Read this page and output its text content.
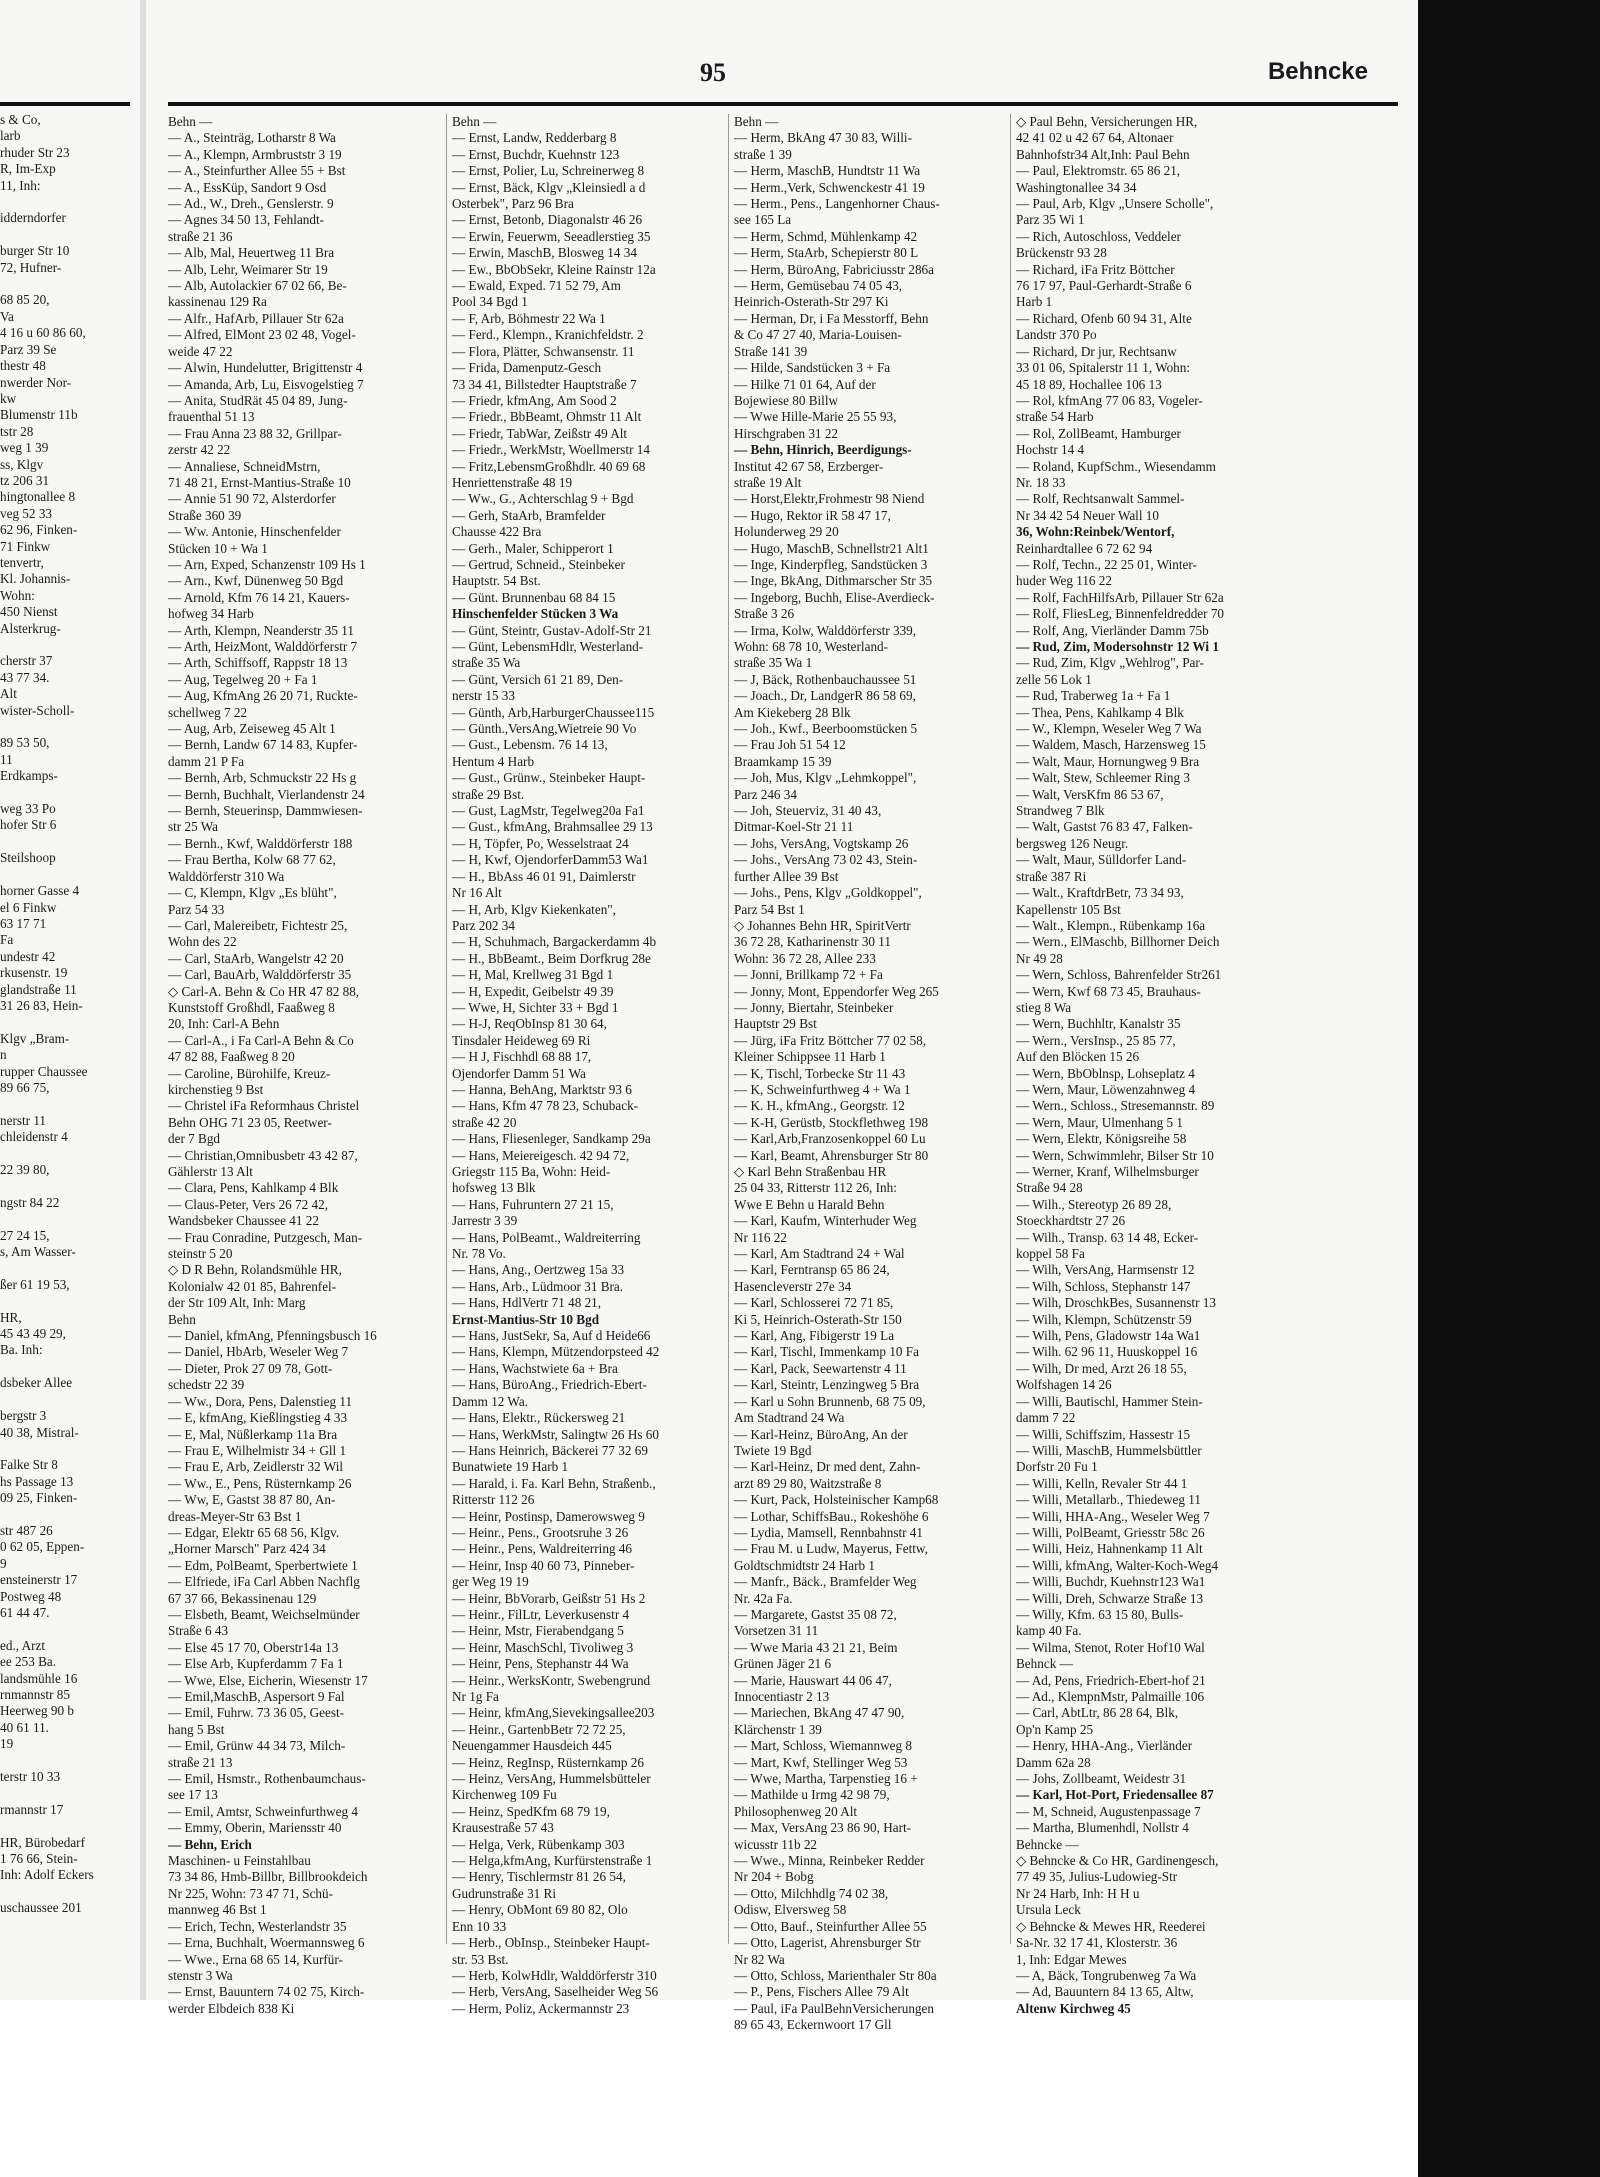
s & Co,
larb
rhuder Str 23
R, Im-Exp
11, Inh:

idderndorfer

burger Str 10
72, Hufner-

68 85 20,
Va
4 16 u 60 86 60,
Parz 39 Se
thestr 48
nwerder Nor-
kw
Blumenstr 11b
tstr 28
weg 1 39
ss, Klgv
tz 206 31
hingtonallee 8
veg 52 33
62 96, Finken-
71 Finkw
tenvertr,
Kl. Johannis-
Wohn:
450 Nienst
Alsterkrug-

cherstr 37
43 77 34.
Alt
wister-Scholl-

89 53 50,
11
Erdkamps-

weg 33 Po
hofer Str 6

Steilshoop

horner Gasse 4
el 6 Finkw
63 17 71
Fa
undestr 42
rkusenstr. 19
glandstraße 11
31 26 83, Hein-

Klgv „Bram-
n
rupper Chaussee
89 66 75,

nerstr 11
chleidenstr 4

22 39 80,

ngstr 84 22

27 24 15,
s, Am Wasser-

ßer 61 19 53,

HR,
45 43 49 29,
Ba. Inh:

dsbeker Allee

bergstr 3
40 38, Mistral-

Falke Str 8
hs Passage 13
09 25, Finken-

str 487 26
0 62 05, Eppen-
9
ensteinerstr 17
Postweg 48
61 44 47.

ed., Arzt
ee 253 Ba.
landsmühle 16
rnmannstr 85
Heerweg 90 b
40 61 11.
19

terstr 10 33

rmannstr 17

HR, Bürobedarf
1 76 66, Stein-
Inh: Adolf Eckers

uschaussee 201
95	Behncke
Behn —
— A., Steinträg, Lotharstr 8 Wa
— A., Klempn, Armbruststr 3 19
— A., Steinfurther Allee 55 + Bst
— A., EssKüp, Sandort 9 Osd
— Ad., W., Dreh., Genslerstr. 9
— Agnes 34 50 13, Fehlandt-
straße 21 36
— Alb, Mal, Heuertweg 11 Bra
— Alb, Lehr, Weimarer Str 19
— Alb, Autolackier 67 02 66, Be-
kassinenau 129 Ra
— Alfr., HafArb, Pillauer Str 62a
— Alfred, ElMont 23 02 48, Vogel-
weide 47 22
— Alwin, Hundelutter, Brigittenstr 4
— Amanda, Arb, Lu, Eisvogelstieg 7
— Anita, StudRät 45 04 89, Jung-
frauenthal 51 13
— Frau Anna 23 88 32, Grillpar-
zerstr 42 22
— Annaliese, SchneidMstrn,
71 48 21, Ernst-Mantius-Straße 10
— Annie 51 90 72, Alsterdorfer
Straße 360 39
— Ww. Antonie, Hinschenfelder
Stücken 10 + Wa 1
— Arn, Exped, Schanzenstr 109 Hs 1
— Arn., Kwf, Dünenweg 50 Bgd
— Arnold, Kfm 76 14 21, Kauers-
hofweg 34 Harb
— Arth, Klempn, Neanderstr 35 11
— Arth, HeizMont, Walddörferstr 7
— Arth, Schiffsoff, Rappstr 18 13
— Aug, Tegelweg 20 + Fa 1
— Aug, KfmAng 26 20 71, Ruckte-
schellweg 7 22
— Aug, Arb, Zeiseweg 45 Alt 1
— Bernh, Landw 67 14 83, Kupfer-
damm 21 P Fa
— Bernh, Arb, Schmuckstr 22 Hs g
— Bernh, Buchhalt, Vierlandenstr 24
— Bernh, Steuerinsp, Dammwiesen-
str 25 Wa
— Bernh., Kwf, Walddörferstr 188
— Frau Bertha, Kolw 68 77 62,
Walddörferstr 310 Wa
— C, Klempn, Klgv „Es blüht",
Parz 54 33
— Carl, Malereibetr, Fichtestr 25,
Wohn des 22
— Carl, StaArb, Wangelstr 42 20
— Carl, BauArb, Walddörferstr 35
◇ Carl-A. Behn & Co HR 47 82 88,
Kunststoff Großhdl, Faaßweg 8
20, Inh: Carl-A Behn
— Carl-A., i Fa Carl-A Behn & Co
47 82 88, Faaßweg 8 20
— Caroline, Bürohilfe, Kreuz-
kirchenstieg 9 Bst
— Christel iFa Reformhaus Christel
Behn OHG 71 23 05, Reetwer-
der 7 Bgd
— Christian,Omnibusbetr 43 42 87,
Gählerstr 13 Alt
— Clara, Pens, Kahlkamp 4 Blk
— Claus-Peter, Vers 26 72 42,
Wandsbeker Chaussee 41 22
— Frau Conradine, Putzgesch, Man-
steinstr 5 20
◇ D R Behn, Rolandsmühle HR,
Kolonialw 42 01 85, Bahrenfel-
der Str 109 Alt, Inh: Marg
Behn
— Daniel, kfmAng, Pfenningsbusch 16
— Daniel, HbArb, Weseler Weg 7
— Dieter, Prok 27 09 78, Gott-
schedstr 22 39
— Ww., Dora, Pens, Dalenstieg 11
— E, kfmAng, Kießlingstieg 4 33
— E, Mal, Nüßlerkamp 11a Bra
— Frau E, Wilhelmistr 34 + Gll 1
— Frau E, Arb, Zeidlerstr 32 Wil
— Ww., E., Pens, Rüsternkamp 26
— Ww, E, Gastst 38 87 80, An-
dreas-Meyer-Str 63 Bst 1
— Edgar, Elektr 65 68 56, Klgv.
„Horner Marsch" Parz 424 34
— Edm, PolBeamt, Sperbertwiete 1
— Elfriede, iFa Carl Abben Nachflg
67 37 66, Bekassinenau 129
— Elsbeth, Beamt, Weichselmünder
Straße 6 43
— Else 45 17 70, Oberstr14a 13
— Else Arb, Kupferdamm 7 Fa 1
— Wwe, Else, Eicherin, Wiesenstr 17
— Emil,MaschB, Aspersort 9 Fal
— Emil, Fuhrw. 73 36 05, Geest-
hang 5 Bst
— Emil, Grünw 44 34 73, Milch-
straße 21 13
— Emil, Hsmstr., Rothenbaumchaus-
see 17 13
— Emil, Amtsr, Schweinfurthweg 4
— Emmy, Oberin, Mariensstr 40
— Behn, Erich
Maschinen- u Feinstahlbau
73 34 86, Hmb-Billbr, Billbrookdeich
Nr 225, Wohn: 73 47 71, Schü-
mannweg 46 Bst 1
— Erich, Techn, Westerlandstr 35
— Erna, Buchhalt, Woermannsweg 6
— Wwe., Erna 68 65 14, Kurfür-
stenstr 3 Wa
— Ernst, Bauuntern 74 02 75, Kirch-
werder Elbdeich 838 Ki
Behn —
— Ernst, Landw, Redderbarg 8
— Ernst, Buchdr, Kuehnstr 123
— Ernst, Polier, Lu, Schreinerweg 8
— Ernst, Bäck, Klgv „Kleinsiedl a d
Osterbek", Parz 96 Bra
— Ernst, Betonb, Diagonalstr 46 26
— Erwin, Feuerwm, Seeadlerstieg 35
— Erwin, MaschB, Blosweg 14 34
— Ew., BbObSekr, Kleine Rainstr 12a
— Ewald, Exped. 71 52 79, Am
Pool 34 Bgd 1
— F, Arb, Böhmestr 22 Wa 1
— Ferd., Klempn., Kranichfeldstr. 2
— Flora, Plätter, Schwansenstr. 11
— Frida, Damenputz-Gesch
73 34 41, Billstedter Hauptstraße 7
— Friedr, kfmAng, Am Sood 2
— Friedr., BbBeamt, Ohmstr 11 Alt
— Friedr, TabWar, Zeißstr 49 Alt
— Friedr., WerkMstr, Woellmerstr 14
— Fritz,LebensmGroßhdlr. 40 69 68
Henriettenstraße 48 19
— Ww., G., Achterschlag 9 + Bgd
— Gerh, StaArb, Bramfelder
Chausse 422 Bra
— Gerh., Maler, Schipperort 1
— Gertrud, Schneid., Steinbeker
Hauptstr. 54 Bst.
— Günt. Brunnenbau 68 84 15
Hinschenfelder Stücken 3 Wa
— Günt, Steintr, Gustav-Adolf-Str 21
— Günt, LebensmHdlr, Westerland-
straße 35 Wa
— Günt, Versich 61 21 89, Den-
nerstr 15 33
— Günth, Arb,HarburgerChaussee115
— Günth.,VersAng,Wietreie 90 Vo
— Gust., Lebensm. 76 14 13,
Hentum 4 Harb
— Gust., Grünw., Steinbeker Haupt-
straße 29 Bst.
— Gust, LagMstr, Tegelweg20a Fa1
— Gust., kfmAng, Brahmsallee 29 13
— H, Töpfer, Po, Wesselstraat 24
— H, Kwf, OjendorferDamm53 Wa1
— H., BbAss 46 01 91, Daimlerstr
Nr 16 Alt
— H, Arb, Klgv Kiekenkaten",
Parz 202 34
— H, Schuhmach, Bargackerdamm 4b
— H., BbBeamt., Beim Dorfkrug 28e
— H, Mal, Krellweg 31 Bgd 1
— H, Expedit, Geibelstr 49 39
— Wwe, H, Sichter 33 + Bgd 1
— H-J, ReqObInsp 81 30 64,
Tinsdaler Heideweg 69 Ri
— H J, Fischhdl 68 88 17,
Ojendorfer Damm 51 Wa
— Hanna, BehAng, Marktstr 93 6
— Hans, Kfm 47 78 23, Schuback-
straße 42 20
— Hans, Fliesenleger, Sandkamp 29a
— Hans, Meiereigesch. 42 94 72,
Griegstr 115 Ba, Wohn: Heid-
hofsweg 13 Blk
— Hans, Fuhruntern 27 21 15,
Jarrestr 3 39
— Hans, PolBeamt., Waldreiterring
Nr. 78 Vo.
— Hans, Ang., Oertzweg 15a 33
— Hans, Arb., Lüdmoor 31 Bra.
— Hans, HdlVertr 71 48 21,
Ernst-Mantius-Str 10 Bgd
— Hans, JustSekr, Sa, Auf d Heide66
— Hans, Klempn, Mützendorpsteed 42
— Hans, Wachstwiete 6a + Bra
— Hans, BüroAng., Friedrich-Ebert-
Damm 12 Wa.
— Hans, Elektr., Rückersweg 21
— Hans, WerkMstr, Salingtw 26 Hs 60
— Hans Heinrich, Bäckerei 77 32 69
Bunatwiete 19 Harb 1
— Harald, i. Fa. Karl Behn, Straßenb.,
Ritterstr 112 26
— Heinr, Postinsp, Damerowsweg 9
— Heinr., Pens., Grootsruhe 3 26
— Heinr., Pens, Waldreiterring 46
— Heinr, Insp 40 60 73, Pinneber-
ger Weg 19 19
— Heinr, BbVorarb, Geißstr 51 Hs 2
— Heinr., FilLtr, Leverkusenstr 4
— Heinr, Mstr, Fierabendgang 5
— Heinr, MaschSchl, Tivoliweg 3
— Heinr, Pens, Stephanstr 44 Wa
— Heinr., WerksKontr, Swebengrund
Nr 1g Fa
— Heinr, kfmAng,Sievekingsallee203
— Heinr., GartenbBetr 72 72 25,
Neuengammer Hausdeich 445
— Heinz, RegInsp, Rüsternkamp 26
— Heinz, VersAng, Hummelsbütteler
Kirchenweg 109 Fu
— Heinz, SpedKfm 68 79 19,
Krausestraße 57 43
— Helga, Verk, Rübenkamp 303
— Helga,kfmAng, Kurfürstenstraße 1
— Henry, Tischlermstr 81 26 54,
Gudrunstraße 31 Ri
— Henry, ObMont 69 80 82, Olo
Enn 10 33
— Herb., ObInsp., Steinbeker Haupt-
str. 53 Bst.
— Herb, KolwHdlr, Walddörferstr 310
— Herb, VersAng, Saselheider Weg 56
— Herm, Poliz, Ackermannstr 23
Behn —
— Herm, BkAng 47 30 83, Willi-
straße 1 39
— Herm, MaschB, Hundtstr 11 Wa
— Herm.,Verk, Schwenckestr 41 19
— Herm., Pens., Langenhorner Chaus-
see 165 La
— Herm, Schmd, Mühlenkamp 42
— Herm, StaArb, Schepierstr 80 L
— Herm, BüroAng, Fabriciusstr 286a
— Herm, Gemüsebau 74 05 43,
Heinrich-Osterath-Str 297 Ki
— Herman, Dr, i Fa Messtorff, Behn
& Co 47 27 40, Maria-Louisen-
Straße 141 39
— Hilde, Sandstücken 3 + Fa
— Hilke 71 01 64, Auf der
Bojewiese 80 Billw
— Wwe Hille-Marie 25 55 93,
Hirschgraben 31 22
— Behn, Hinrich, Beerdigungs-
Institut 42 67 58, Erzberger-
straße 19 Alt
— Horst,Elektr,Frohmestr 98 Niend
— Hugo, Rektor iR 58 47 17,
Holunderweg 29 20
— Hugo, MaschB, Schnellstr21 Alt1
— Inge, Kinderpfleg, Sandstücken 3
— Inge, BkAng, Dithmarscher Str 35
— Ingeborg, Buchh, Elise-Averdieck-
Straße 3 26
— Irma, Kolw, Walddörferstr 339,
Wohn: 68 78 10, Westerland-
straße 35 Wa 1
— J, Bäck, Rothenbauchaussee 51
— Joach., Dr, LandgerR 86 58 69,
Am Kiekeberg 28 Blk
— Joh., Kwf., Beerboomstücken 5
— Frau Joh 51 54 12
Braamkamp 15 39
— Joh, Mus, Klgv „Lehmkoppel",
Parz 246 34
— Joh, Steuerviz, 31 40 43,
Ditmar-Koel-Str 21 11
— Johs, VersAng, Vogtskamp 26
— Johs., VersAng 73 02 43, Stein-
further Allee 39 Bst
— Johs., Pens, Klgv „Goldkoppel",
Parz 54 Bst 1
◇ Johannes Behn HR, SpiritVertr
36 72 28, Katharinenstr 30 11
Wohn: 36 72 28, Allee 233
— Jonni, Brillkamp 72 + Fa
— Jonny, Mont, Eppendorfer Weg 265
— Jonny, Biertahr, Steinbeker
Hauptstr 29 Bst
— Jürg, iFa Fritz Böttcher 77 02 58,
Kleiner Schippsee 11 Harb 1
— K, Tischl, Torbecke Str 11 43
— K, Schweinfurthweg 4 + Wa 1
— K. H., kfmAng., Georgstr. 12
— K-H, Gerüstb, Stockflethweg 198
— Karl,Arb,Franzosenkoppel 60 Lu
— Karl, Beamt, Ahrensburger Str 80
◇ Karl Behn Straßenbau HR
25 04 33, Ritterstr 112 26, Inh:
Wwe E Behn u Harald Behn
— Karl, Kaufm, Winterhuder Weg
Nr 116 22
— Karl, Am Stadtrand 24 + Wal
— Karl, Ferntransp 65 86 24,
Hasencleverstr 27e 34
— Karl, Schlosserei 72 71 85,
Ki 5, Heinrich-Osterath-Str 150
— Karl, Ang, Fibigerstr 19 La
— Karl, Tischl, Immenkamp 10 Fa
— Karl, Pack, Seewartenstr 4 11
— Karl, Steintr, Lenzingweg 5 Bra
— Karl u Sohn Brunnenb, 68 75 09,
Am Stadtrand 24 Wa
— Karl-Heinz, BüroAng, An der
Twiete 19 Bgd
— Karl-Heinz, Dr med dent, Zahn-
arzt 89 29 80, Waitzstraße 8
— Kurt, Pack, Holsteinischer Kamp68
— Lothar, SchiffsBau., Rokeshöhe 6
— Lydia, Mamsell, Rennbahnstr 41
— Frau M. u Ludw, Mayerus, Fettw,
Goldtschmidtstr 24 Harb 1
— Manfr., Bäck., Bramfelder Weg
Nr. 42a Fa.
— Margarete, Gastst 35 08 72,
Vorsetzen 31 11
— Wwe Maria 43 21 21, Beim
Grünen Jäger 21 6
— Marie, Hauswart 44 06 47,
Innocentiastr 2 13
— Mariechen, BkAng 47 47 90,
Klärchenstr 1 39
— Mart, Schloss, Wiemannweg 8
— Mart, Kwf, Stellinger Weg 53
— Wwe, Martha, Tarpenstieg 16 +
— Mathilde u Irmg 42 98 79,
Philosophenweg 20 Alt
— Max, VersAng 23 86 90, Hart-
wicusstr 11b 22
— Wwe., Minna, Reinbeker Redder
Nr 204 + Bobg
— Otto, Milchhdlg 74 02 38,
Odisw, Elversweg 58
— Otto, Bauf., Steinfurther Allee 55
— Otto, Lagerist, Ahrensburger Str
Nr 82 Wa
— Otto, Schloss, Marienthaler Str 80a
— P., Pens, Fischers Allee 79 Alt
— Paul, iFa PaulBehnVersicherungen
89 65 43, Eckernwoort 17 Gll
◇ Paul Behn, Versicherungen HR,
42 41 02 u 42 67 64, Altonaer
Bahnhofstr34 Alt,Inh: Paul Behn
— Paul, Elektromstr. 65 86 21,
Washingtonallee 34 34
— Paul, Arb, Klgv „Unsere Scholle",
Parz 35 Wi 1
— Rich, Autoschloss, Veddeler
Brückenstr 93 28
— Richard, iFa Fritz Böttcher
76 17 97, Paul-Gerhardt-Straße 6
Harb 1
— Richard, Ofenb 60 94 31, Alte
Landstr 370 Po
— Richard, Dr jur, Rechtsanw
33 01 06, Spitalerstr 11 1, Wohn:
45 18 89, Hochallee 106 13
— Rol, kfmAng 77 06 83, Vogeler-
straße 54 Harb
— Rol, ZollBeamt, Hamburger
Hochstr 14 4
— Roland, KupfSchm., Wiesendamm
Nr. 18 33
— Rolf, Rechtsanwalt Sammel-
Nr 34 42 54 Neuer Wall 10
36, Wohn:Reinbek/Wentorf,
Reinhardtallee 6 72 62 94
— Rolf, Techn., 22 25 01, Winter-
huder Weg 116 22
— Rolf, FachHilfsArb, Pillauer Str 62a
— Rolf, FliesLeg, Binnenfeldredder 70
— Rolf, Ang, Vierländer Damm 75b
— Rud, Zim, Modersohnstr 12 Wi 1
— Rud, Zim, Klgv „Wehlrog", Par-
zelle 56 Lok 1
— Rud, Traberweg 1a + Fa 1
— Thea, Pens, Kahlkamp 4 Blk
— W., Klempn, Weseler Weg 7 Wa
— Waldem, Masch, Harzensweg 15
— Walt, Maur, Hornungweg 9 Bra
— Walt, Stew, Schleemer Ring 3
— Walt, VersKfm 86 53 67,
Strandweg 7 Blk
— Walt, Gastst 76 83 47, Falken-
bergsweg 126 Neugr.
— Walt, Maur, Sülldorfer Land-
straße 387 Ri
— Walt., KraftdrBetr, 73 34 93,
Kapellenstr 105 Bst
— Walt., Klempn., Rübenkamp 16a
— Wern., ElMaschb, Billhorner Deich
Nr 49 28
— Wern, Schloss, Bahrenfelder Str261
— Wern, Kwf 68 73 45, Brauhaus-
stieg 8 Wa
— Wern, Buchhltr, Kanalstr 35
— Wern., VersInsp., 25 85 77,
Auf den Blöcken 15 26
— Wern, BbOblnsp, Lohseplatz 4
— Wern, Maur, Löwenzahnweg 4
— Wern., Schloss., Stresemannstr. 89
— Wern, Maur, Ulmenhang 5 1
— Wern, Elektr, Königsreihe 58
— Wern, Schwimmlehr, Bilser Str 10
— Werner, Kranf, Wilhelmsburger
Straße 94 28
— Wilh., Stereotyp 26 89 28,
Stoeckhardtstr 27 26
— Wilh., Transp. 63 14 48, Ecker-
koppel 58 Fa
— Wilh, VersAng, Harmsenstr 12
— Wilh, Schloss, Stephanstr 147
— Wilh, DroschkBes, Susannenstr 13
— Wilh, Klempn, Schützenstr 59
— Wilh, Pens, Gladowstr 14a Wa1
— Wilh. 62 96 11, Huuskoppel 16
— Wilh, Dr med, Arzt 26 18 55,
Wolfshagen 14 26
— Willi, Bautischl, Hammer Stein-
damm 7 22
— Willi, Schiffszim, Hassestr 15
— Willi, MaschB, Hummelsbüttler
Dorfstr 20 Fu 1
— Willi, Kelln, Revaler Str 44 1
— Willi, Metallarb., Thiedeweg 11
— Willi, HHA-Ang., Weseler Weg 7
— Willi, PolBeamt, Griesstr 58c 26
— Willi, Heiz, Hahnenkamp 11 Alt
— Willi, kfmAng, Walter-Koch-Weg4
— Willi, Buchdr, Kuehnstr123 Wa1
— Willi, Dreh, Schwarze Straße 13
— Willy, Kfm. 63 15 80, Bulls-
kamp 40 Fa.
— Wilma, Stenot, Roter Hof10 Wal
Behnck —
— Ad, Pens, Friedrich-Ebert-hof 21
— Ad., KlempnMstr, Palmaille 106
— Carl, AbtLtr, 86 28 64, Blk,
Op'n Kamp 25
— Henry, HHA-Ang., Vierländer
Damm 62a 28
— Johs, Zollbeamt, Weidestr 31
— Karl, Hot-Port, Friedensallee 87
— M, Schneid, Augustenpassage 7
— Martha, Blumenhdl, Nollstr 4
Behncke —
◇ Behncke & Co HR, Gardinengesch,
77 49 35, Julius-Ludowieg-Str
Nr 24 Harb, Inh: H H u
Ursula Leck
◇ Behncke & Mewes HR, Reederei
Sa-Nr. 32 17 41, Klosterstr. 36
1, Inh: Edgar Mewes
— A, Bäck, Tongrubenweg 7a Wa
— Ad, Bauuntern 84 13 65, Altw,
Altenw Kirchweg 45
